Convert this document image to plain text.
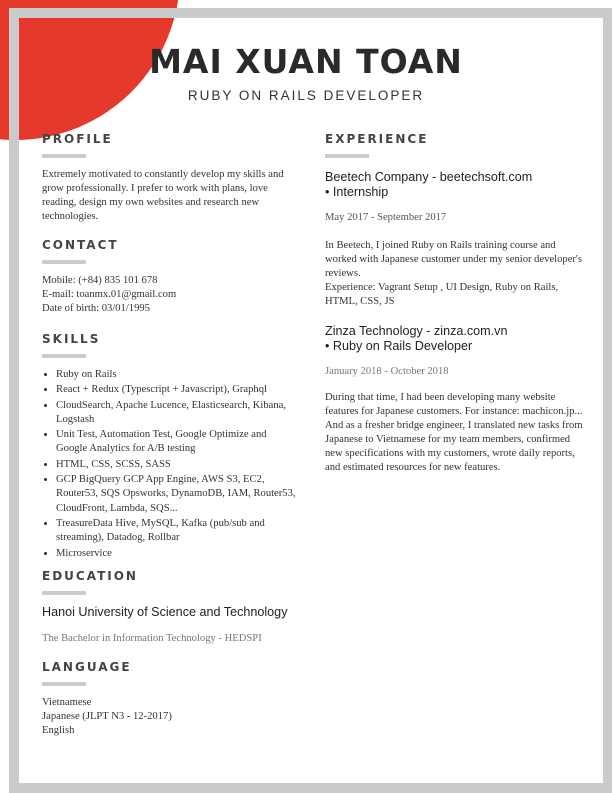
MAI XUAN TOAN
RUBY ON RAILS DEVELOPER
PROFILE

Extremely motivated to constantly develop my skills and grow professionally. I prefer to work with plans, love reading, design my own websites and research new technologies.

CONTACT

Mobile: (+84) 835 101 678

E-mail: toanmx.01@gmail.com

Date of birth: 03/01/1995

SKILLS
• Ruby on Rails
• React + Redux (Typescript + Javascript), Graphql
• CloudSearch, Apache Lucence, Elasticsearch, Kibana, Logstash
• Unit Test, Automation Test, Google Optimize and Google Analytics for A/B testing
• HTML, CSS, SCSS, SASS
• GCP BigQuery GCP App Engine, AWS S3, EC2, Router53, SQS Opsworks, DynamoDB, IAM, Router53, CloudFront, Lambda, SQS...
• TreasureData Hive, MySQL, Kafka (pub/sub and streaming), Datadog, Rollbar
• Microservice
EDUCATION
Hanoi University of Science and Technology

The Bachelor in Information Technology - HEDSPI

LANGUAGE

Vietnamese

Japanese (JLPT N3 - 12-2017)

English

EXPERIENCE
Beetech Company - beetechsoft.com
• Internship
May 2017 - September 2017

In Beetech, I joined Ruby on Rails training course and worked with Japanese customer under my senior developer's reviews.

Experience: Vagrant Setup , UI Design, Ruby on Rails, HTML, CSS, JS

Zinza Technology - zinza.com.vn
• Ruby on Rails Developer
January 2018 - October 2018

During that time, I had been developing many website features for Japanese customers. For instance: machicon.jp...

And as a fresher bridge engineer, I translated new tasks from Japanese to Vietnamese for my team members, confirmed new specifications with my customers, wrote daily reports, and estimated resources for new features.
